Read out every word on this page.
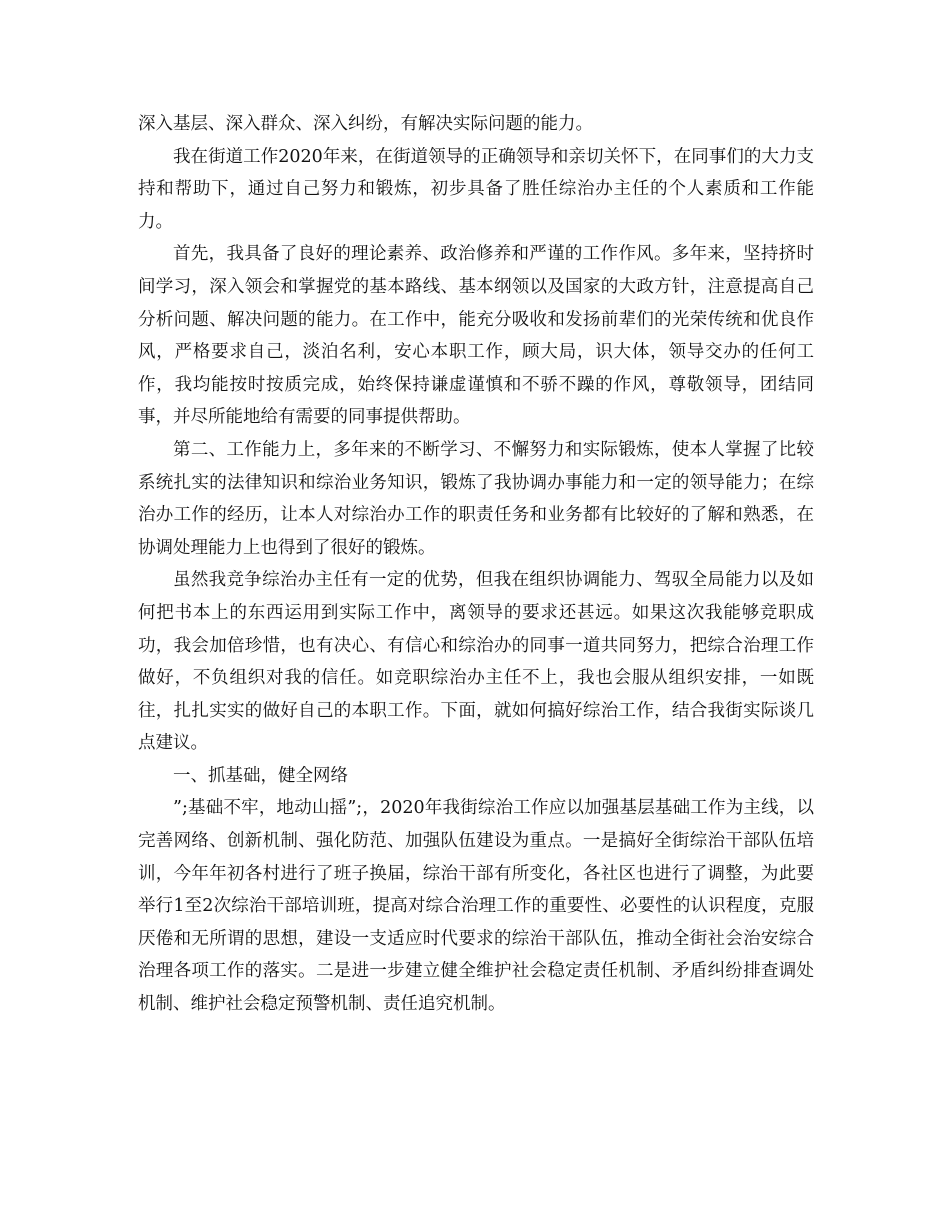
深入基层、深入群众、深入纠纷，有解决实际问题的能力。

我在街道工作2020年来，在街道领导的正确领导和亲切关怀下，在同事们的大力支持和帮助下，通过自己努力和锻炼，初步具备了胜任综治办主任的个人素质和工作能力。

首先，我具备了良好的理论素养、政治修养和严谨的工作作风。多年来，坚持挤时间学习，深入领会和掌握党的基本路线、基本纲领以及国家的大政方针，注意提高自己分析问题、解决问题的能力。在工作中，能充分吸收和发扬前辈们的光荣传统和优良作风，严格要求自己，淡泊名利，安心本职工作，顾大局，识大体，领导交办的任何工作，我均能按时按质完成，始终保持谦虚谨慎和不骄不躁的作风，尊敬领导，团结同事，并尽所能地给有需要的同事提供帮助。

第二、工作能力上，多年来的不断学习、不懈努力和实际锻炼，使本人掌握了比较系统扎实的法律知识和综治业务知识，锻炼了我协调办事能力和一定的领导能力；在综治办工作的经历，让本人对综治办工作的职责任务和业务都有比较好的了解和熟悉，在协调处理能力上也得到了很好的锻炼。

虽然我竞争综治办主任有一定的优势，但我在组织协调能力、驾驭全局能力以及如何把书本上的东西运用到实际工作中，离领导的要求还甚远。如果这次我能够竞职成功，我会加倍珍惜，也有决心、有信心和综治办的同事一道共同努力，把综合治理工作做好，不负组织对我的信任。如竞职综治办主任不上，我也会服从组织安排，一如既往，扎扎实实的做好自己的本职工作。下面，就如何搞好综治工作，结合我街实际谈几点建议。

一、抓基础，健全网络

”;基础不牢，地动山摇”;，2020年我街综治工作应以加强基层基础工作为主线，以完善网络、创新机制、强化防范、加强队伍建设为重点。一是搞好全街综治干部队伍培训，今年年初各村进行了班子换届，综治干部有所变化，各社区也进行了调整，为此要举行1至2次综治干部培训班，提高对综合治理工作的重要性、必要性的认识程度，克服厌倦和无所谓的思想，建设一支适应时代要求的综治干部队伍，推动全街社会治安综合治理各项工作的落实。二是进一步建立健全维护社会稳定责任机制、矛盾纠纷排查调处机制、维护社会稳定预警机制、责任追究机制。
